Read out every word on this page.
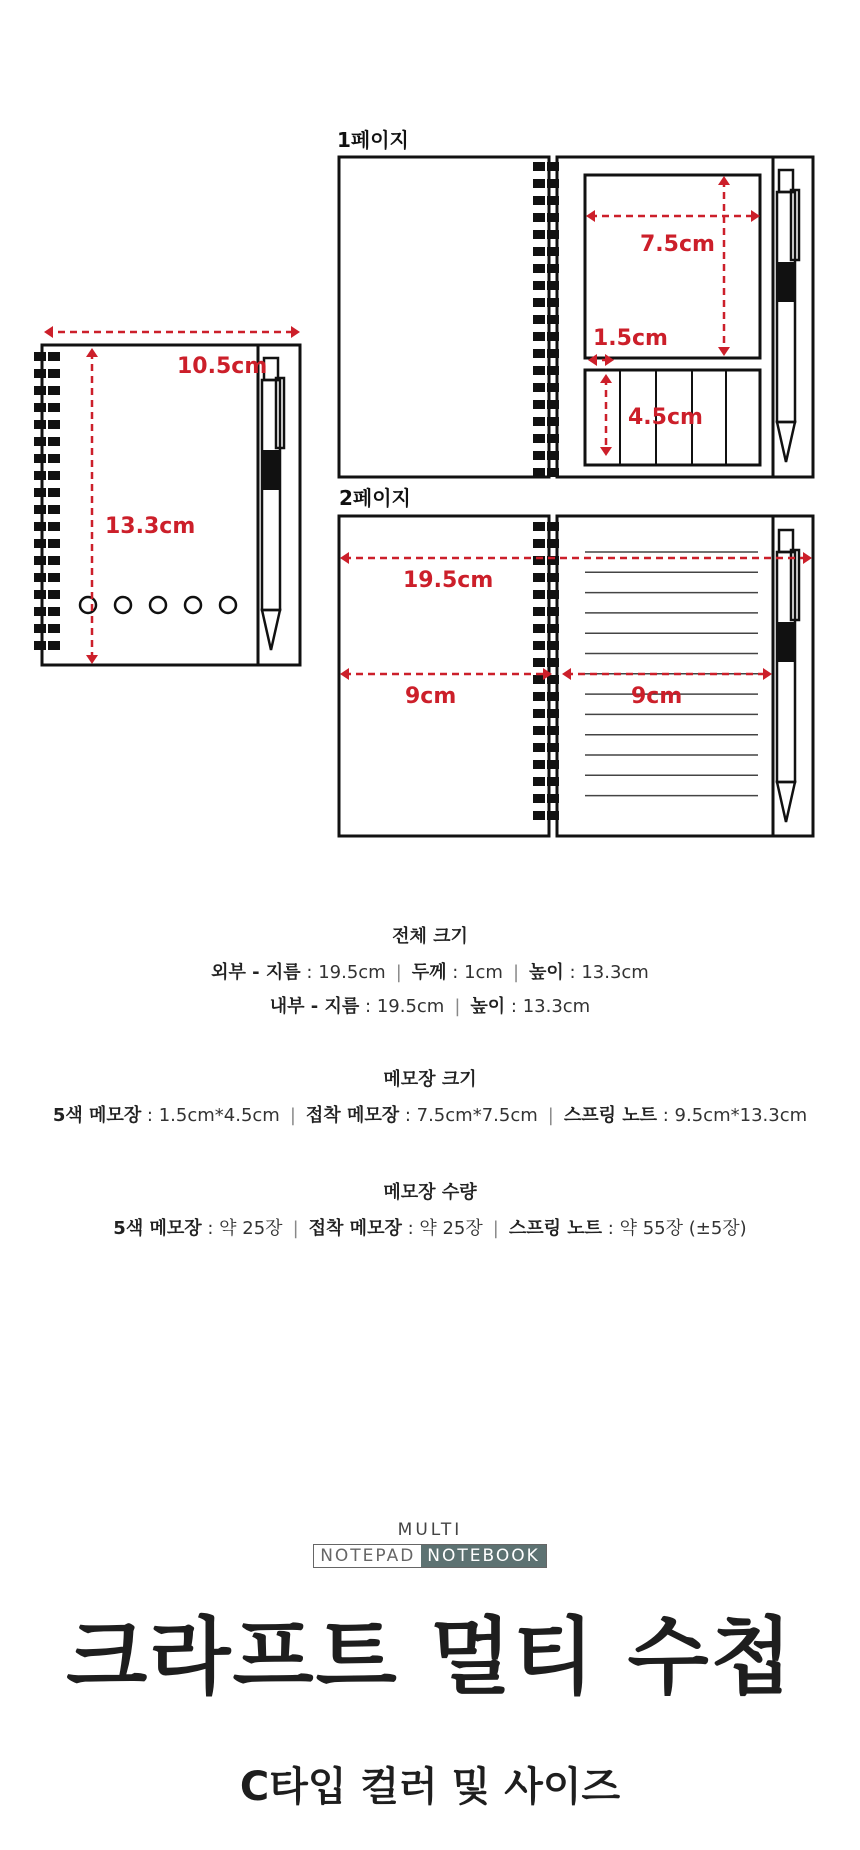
1페이지
2페이지
10.5cm
13.3cm
7.5cm
1.5cm
4.5cm
19.5cm
9cm	9cm
전체 크기
외부 - 지름 : 19.5cm | 두께 : 1cm | 높이 : 13.3cm
내부 - 지름 : 19.5cm | 높이 : 13.3cm
메모장 크기
5색 메모장 : 1.5cm*4.5cm | 접착 메모장 : 7.5cm*7.5cm | 스프링 노트 : 9.5cm*13.3cm
메모장 수량
5색 메모장 : 약 25장 | 접착 메모장 : 약 25장 | 스프링 노트 : 약 55장 (±5장)
MULTI
NOTEPAD NOTEBOOK
크라프트 멀티 수첩
C타입 컬러 및 사이즈
